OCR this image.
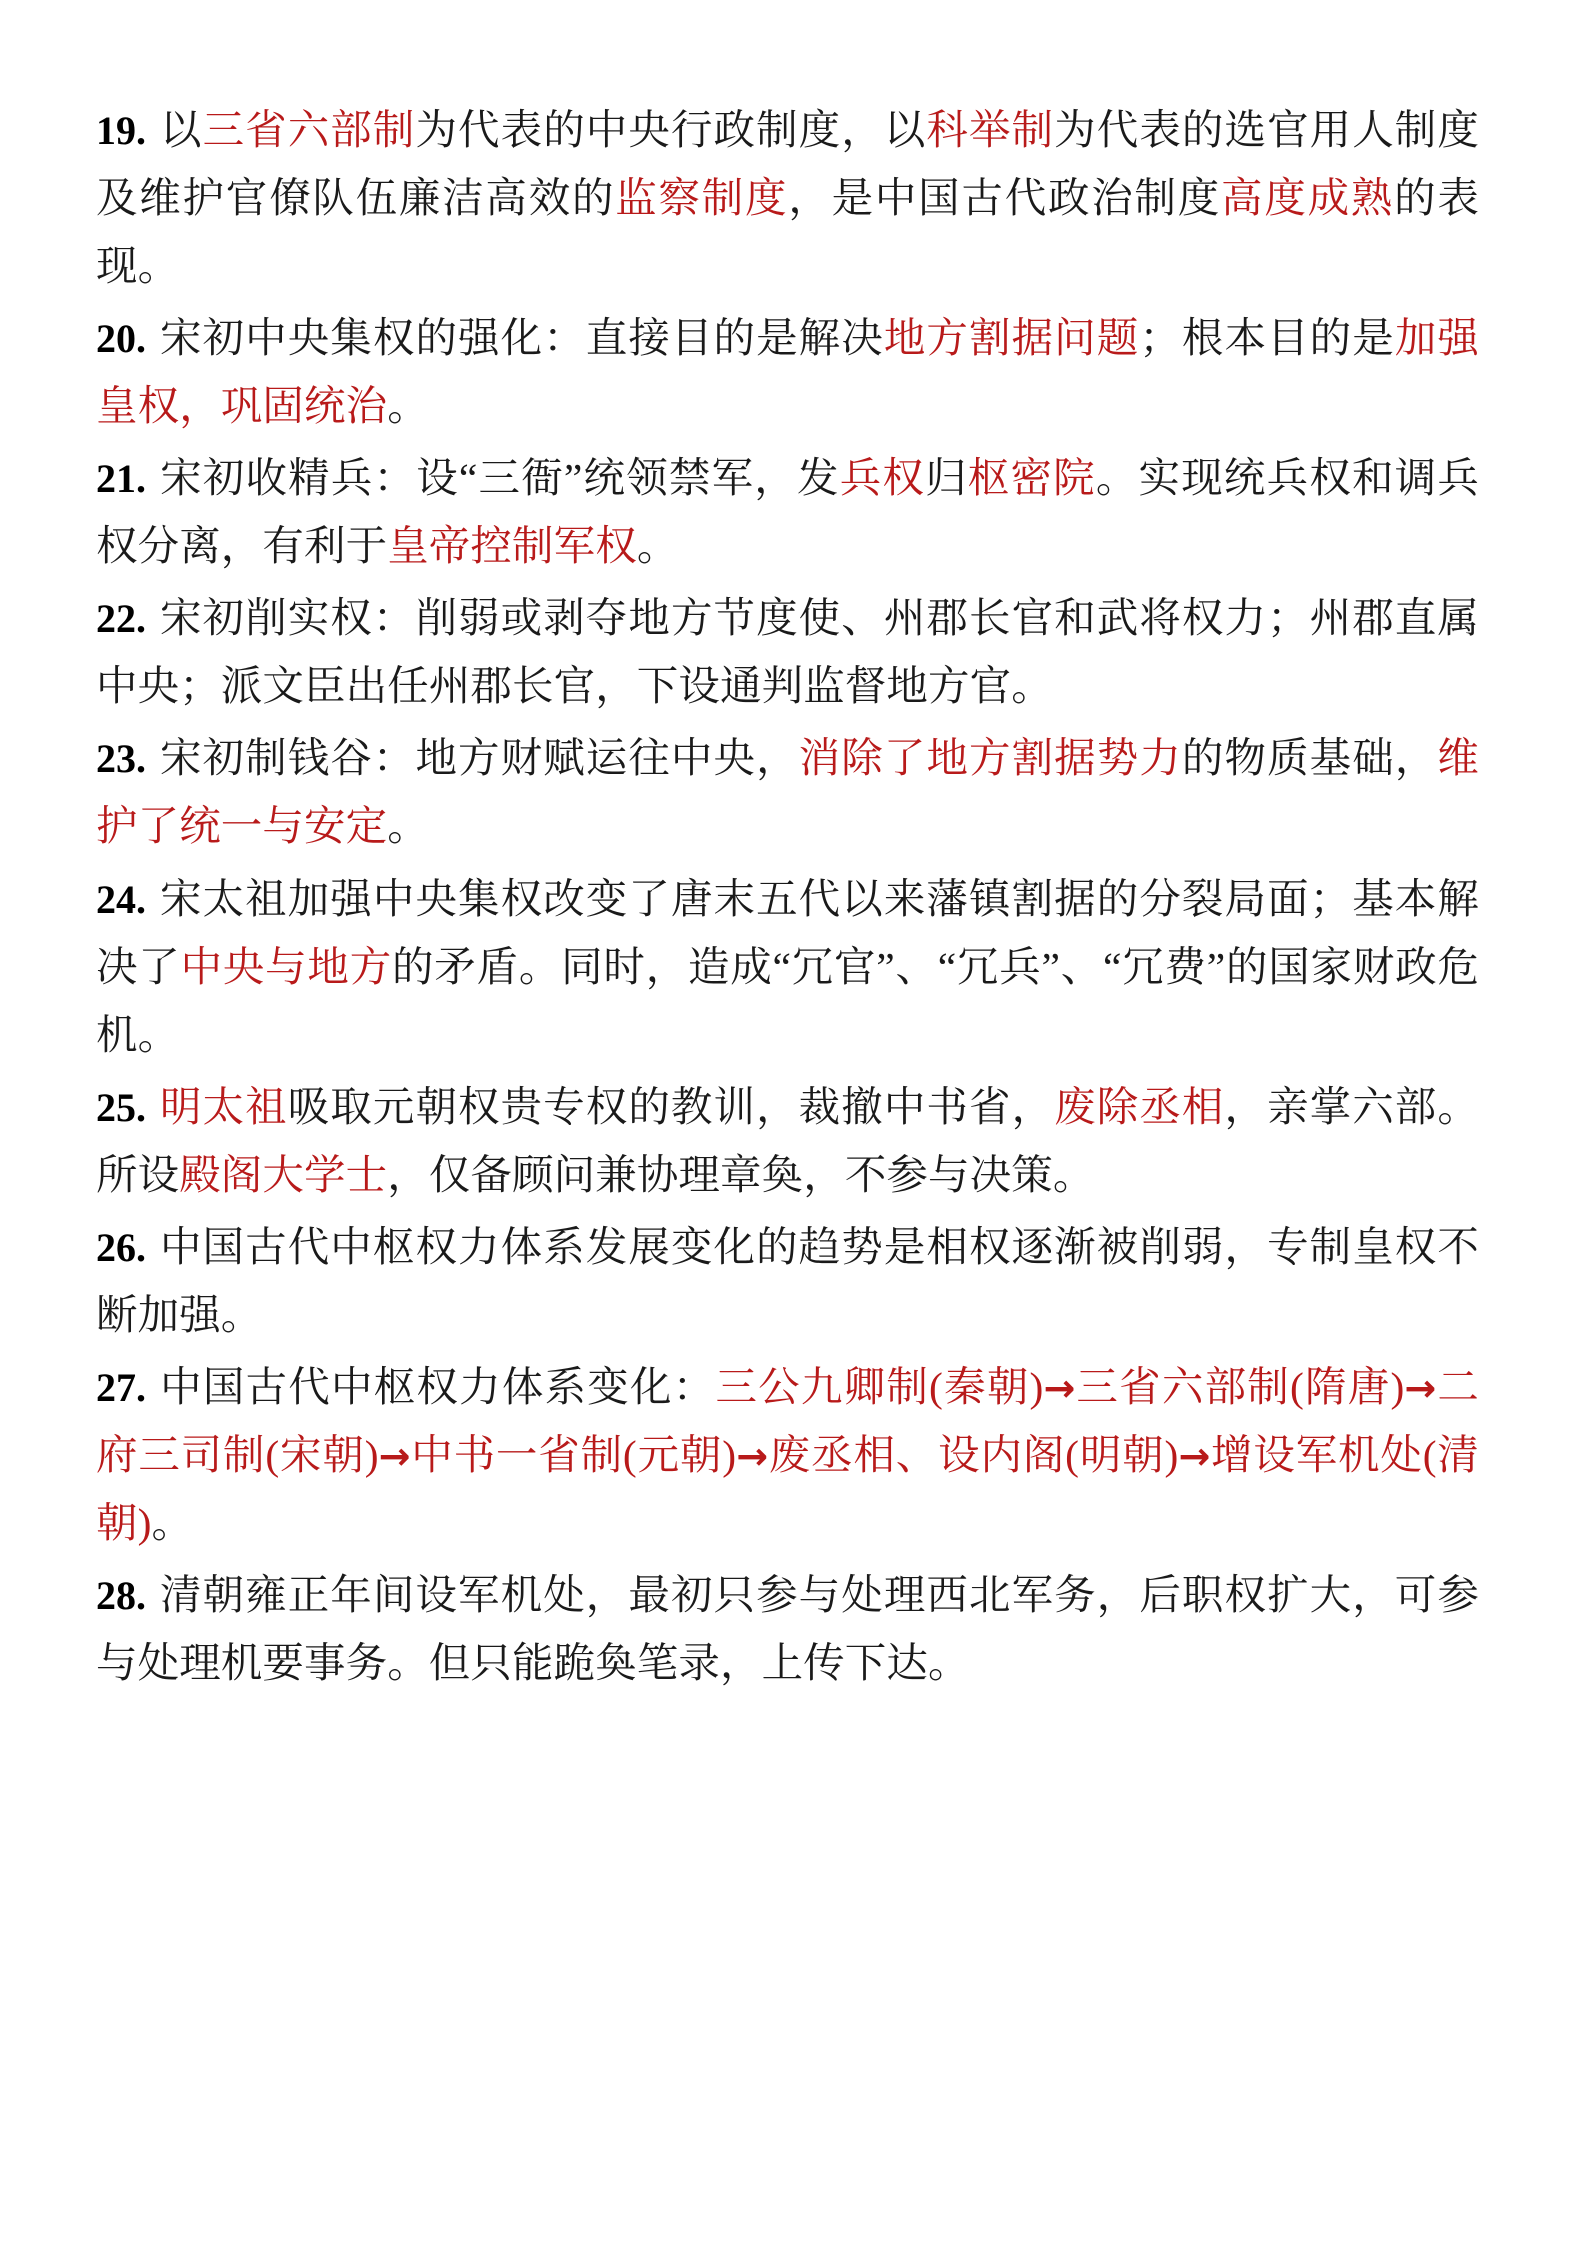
19. 以三省六部制为代表的中央行政制度，以科举制为代表的选官用人制度及维护官僚队伍廉洁高效的监察制度，是中国古代政治制度高度成熟的表现。

20. 宋初中央集权的强化：直接目的是解决地方割据问题；根本目的是加强皇权，巩固统治。

21. 宋初收精兵：设“三衙”统领禁军，发兵权归枢密院。实现统兵权和调兵权分离，有利于皇帝控制军权。

22. 宋初削实权：削弱或剥夺地方节度使、州郡长官和武将权力；州郡直属中央；派文臣出任州郡长官，下设通判监督地方官。

23. 宋初制钱谷：地方财赋运往中央，消除了地方割据势力的物质基础，维护了统一与安定。

24. 宋太祖加强中央集权改变了唐末五代以来藩镇割据的分裂局面；基本解决了中央与地方的矛盾。同时，造成“冗官”、“冗兵”、“冗费”的国家财政危机。

25. 明太祖吸取元朝权贵专权的教训，裁撤中书省，废除丞相，亲掌六部。所设殿阁大学士，仅备顾问兼协理章奐，不参与决策。

26. 中国古代中枢权力体系发展变化的趋势是相权逐渐被削弱，专制皇权不断加强。

27. 中国古代中枢权力体系变化：三公九卿制(秦朝)→三省六部制(隋唐)→二府三司制(宋朝)→中书一省制(元朝)→废丞相、设内阁(明朝)→增设军机处(清朝)。

28. 清朝雍正年间设军机处，最初只参与处理西北军务，后职权扩大，可参与处理机要事务。但只能跪奐笔录，上传下达。
